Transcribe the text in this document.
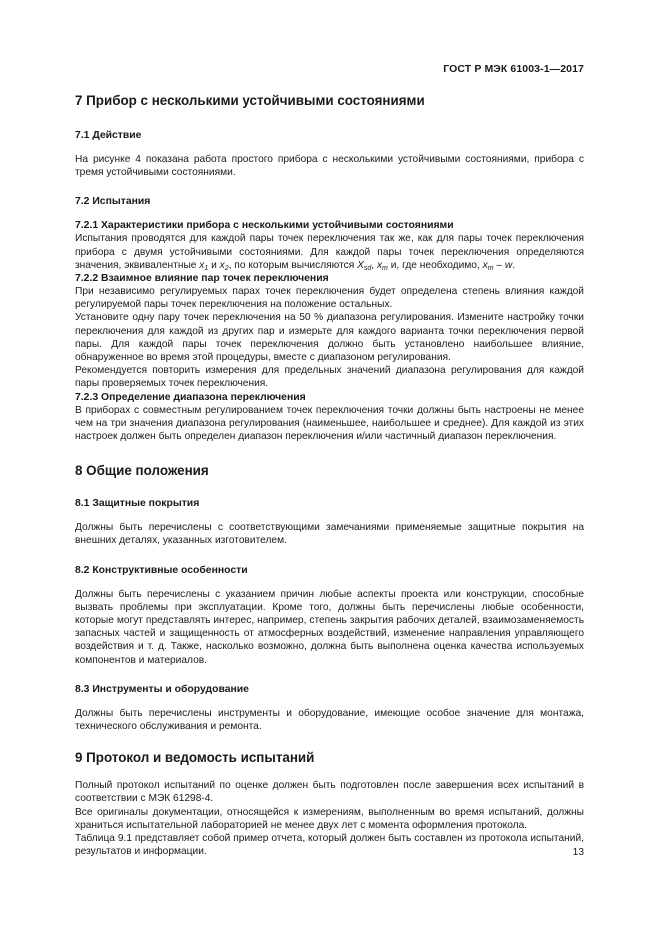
ГОСТ Р МЭК 61003-1—2017
7 Прибор с несколькими устойчивыми состояниями
7.1 Действие

На рисунке 4 показана работа простого прибора с несколькими устойчивыми состояниями, прибора с тремя устойчивыми состояниями.

7.2 Испытания
7.2.1 Характеристики прибора с несколькими устойчивыми состояниями

Испытания проводятся для каждой пары точек переключения так же, как для пары точек переключения прибора с двумя устойчивыми состояниями. Для каждой пары точек переключения определяются значения, эквивалентные $x_1$ и $x_2$, по которым вычисляются $X_{sd}$, $x_m$ и, где необходимо, $x_m$ – w.

7.2.2 Взаимное влияние пар точек переключения

При независимо регулируемых парах точек переключения будет определена степень влияния каждой регулируемой пары точек переключения на положение остальных.

Установите одну пару точек переключения на 50 % диапазона регулирования. Измените настройку точки переключения для каждой из других пар и измерьте для каждого варианта точки переключения первой пары. Для каждой пары точек переключения должно быть установлено наибольшее влияние, обнаруженное во время этой процедуры, вместе с диапазоном регулирования.

Рекомендуется повторить измерения для предельных значений диапазона регулирования для каждой пары проверяемых точек переключения.

7.2.3 Определение диапазона переключения

В приборах с совместным регулированием точек переключения точки должны быть настроены не менее чем на три значения диапазона регулирования (наименьшее, наибольшее и среднее). Для каждой из этих настроек должен быть определен диапазон переключения и/или частичный диапазон переключения.

8 Общие положения
8.1 Защитные покрытия

Должны быть перечислены с соответствующими замечаниями применяемые защитные покрытия на внешних деталях, указанных изготовителем.

8.2 Конструктивные особенности

Должны быть перечислены с указанием причин любые аспекты проекта или конструкции, способные вызвать проблемы при эксплуатации. Кроме того, должны быть перечислены любые особенности, которые могут представлять интерес, например, степень закрытия рабочих деталей, взаимозаменяемость запасных частей и защищенность от атмосферных воздействий, изменение направления управляющего воздействия и т. д. Также, насколько возможно, должна быть выполнена оценка качества используемых компонентов и материалов.

8.3 Инструменты и оборудование

Должны быть перечислены инструменты и оборудование, имеющие особое значение для монтажа, технического обслуживания и ремонта.

9 Протокол и ведомость испытаний

Полный протокол испытаний по оценке должен быть подготовлен после завершения всех испытаний в соответствии с МЭК 61298-4.

Все оригиналы документации, относящейся к измерениям, выполненным во время испытаний, должны храниться испытательной лабораторией не менее двух лет с момента оформления протокола.

Таблица 9.1 представляет собой пример отчета, который должен быть составлен из протокола испытаний, результатов и информации.	13
